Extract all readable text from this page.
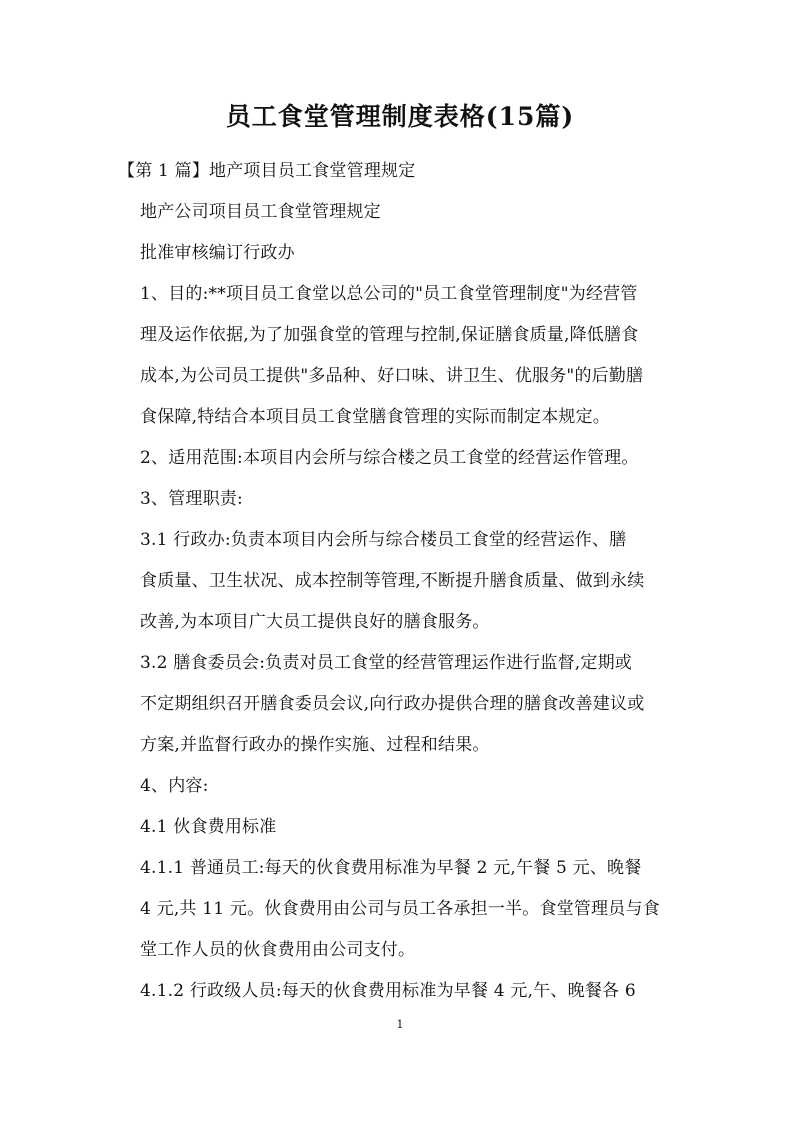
员工食堂管理制度表格(15篇)

【第 1 篇】地产项目员工食堂管理规定

地产公司项目员工食堂管理规定

批准审核编订行政办

1、目的:**项目员工食堂以总公司的"员工食堂管理制度"为经营管
理及运作依据,为了加强食堂的管理与控制,保证膳食质量,降低膳食
成本,为公司员工提供"多品种、好口味、讲卫生、优服务"的后勤膳
食保障,特结合本项目员工食堂膳食管理的实际而制定本规定。

2、适用范围:本项目内会所与综合楼之员工食堂的经营运作管理。

3、管理职责:

3.1 行政办:负责本项目内会所与综合楼员工食堂的经营运作、膳
食质量、卫生状况、成本控制等管理,不断提升膳食质量、做到永续
改善,为本项目广大员工提供良好的膳食服务。

3.2 膳食委员会:负责对员工食堂的经营管理运作进行监督,定期或
不定期组织召开膳食委员会议,向行政办提供合理的膳食改善建议或
方案,并监督行政办的操作实施、过程和结果。

4、内容:

4.1 伙食费用标准

4.1.1 普通员工:每天的伙食费用标准为早餐 2 元,午餐 5 元、晚餐
4 元,共 11 元。伙食费用由公司与员工各承担一半。食堂管理员与食
堂工作人员的伙食费用由公司支付。

4.1.2 行政级人员:每天的伙食费用标准为早餐 4 元,午、晚餐各 6

1
